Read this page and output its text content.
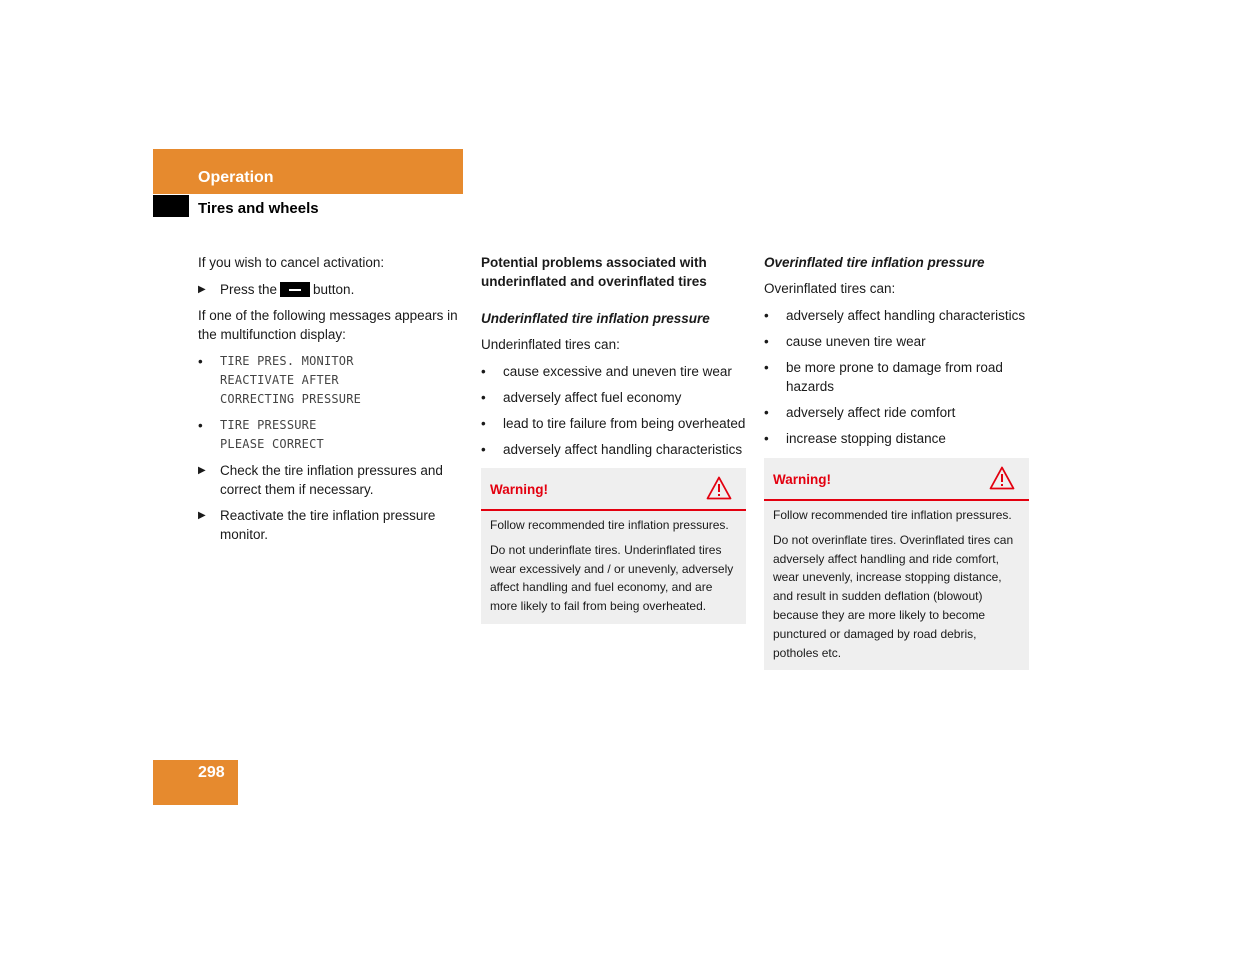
Operation
Tires and wheels

If you wish to cancel activation:

▶ Press the	button.

If one of the following messages appears in the multifunction display:

• TIRE PRES. MONITOR
REACTIVATE AFTER
CORRECTING PRESSURE
• TIRE PRESSURE
PLEASE CORRECT
▶ Check the tire inflation pressures and correct them if necessary.
▶ Reactivate the tire inflation pressure monitor.

Potential problems associated with underinflated and overinflated tires

Underinflated tire inflation pressure

Underinflated tires can:

• cause excessive and uneven tire wear
• adversely affect fuel economy
• lead to tire failure from being overheated
• adversely affect handling characteristics
Warning!

Follow recommended tire inflation pressures.

Do not underinflate tires. Underinflated tires wear excessively and / or unevenly, adversely affect handling and fuel economy, and are more likely to fail from being overheated.

Overinflated tire inflation pressure

Overinflated tires can:

• adversely affect handling characteristics
• cause uneven tire wear
• be more prone to damage from road hazards
• adversely affect ride comfort
• increase stopping distance
Warning!

Follow recommended tire inflation pressures.

Do not overinflate tires. Overinflated tires can adversely affect handling and ride comfort, wear unevenly, increase stopping distance, and result in sudden deflation (blowout) because they are more likely to become punctured or damaged by road debris, potholes etc.

298
